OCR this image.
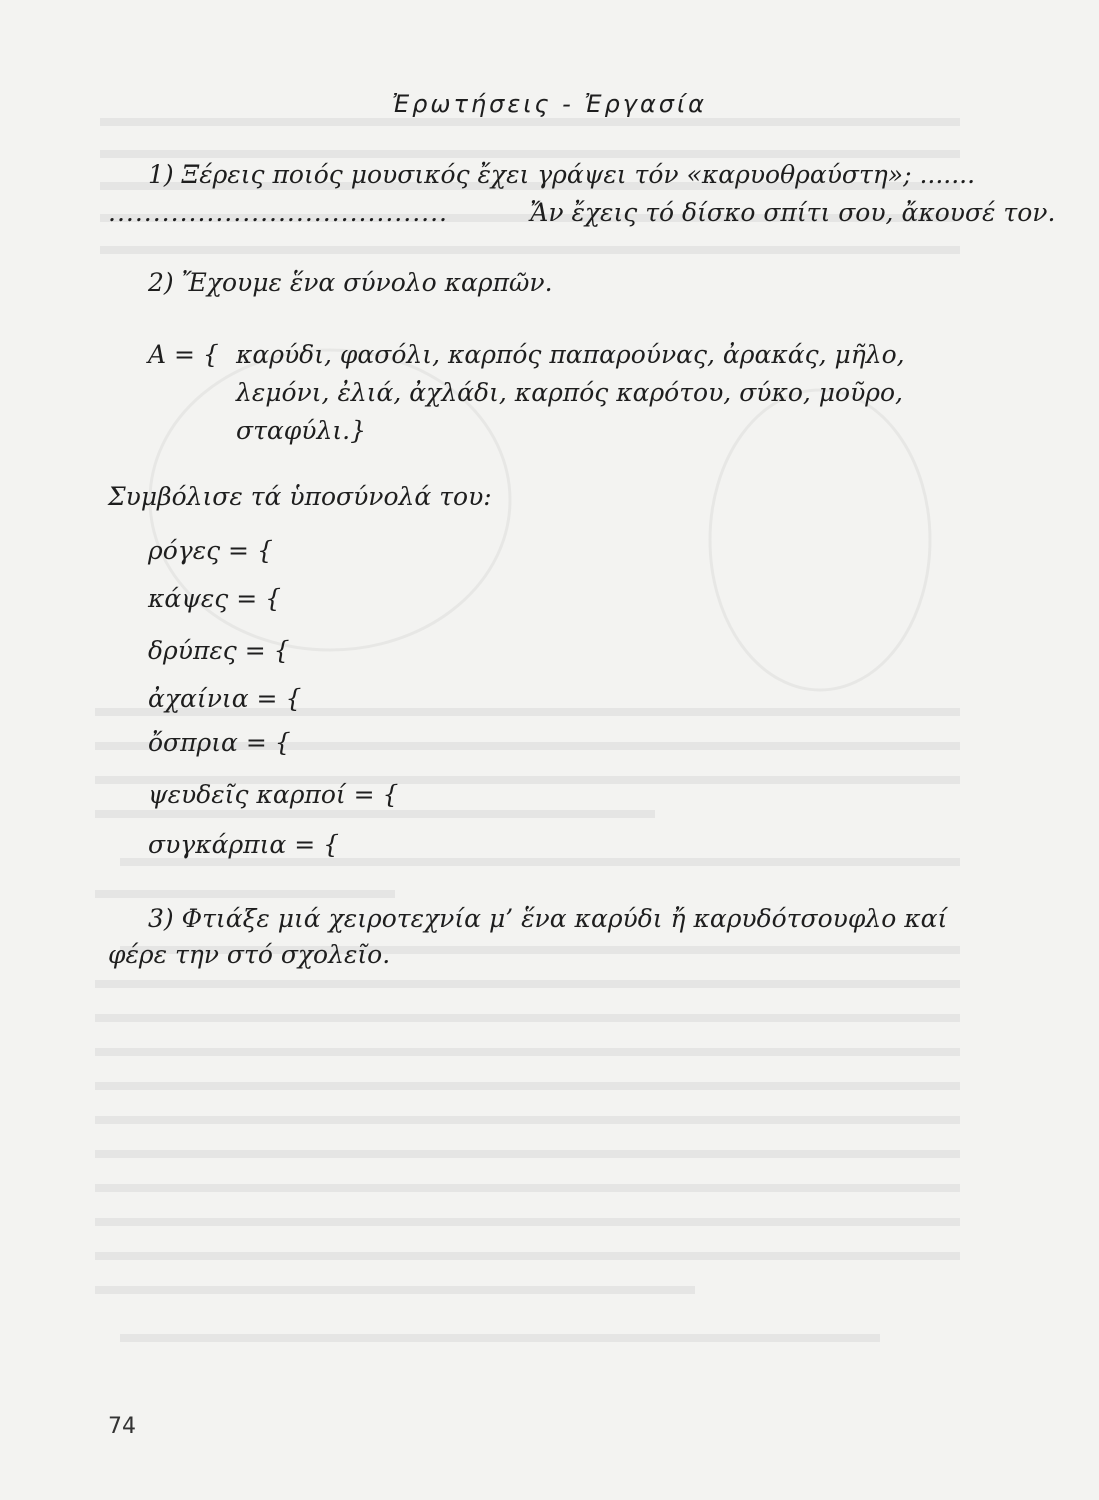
Ἐρωτήσεις - Ἐργασία
1) Ξέρεις ποιός μουσικός ἔχει γράψει τόν «καρυοθραύστη»; .......
......................................	Ἄν ἔχεις τό δίσκο σπίτι σου, ἄκουσέ τον.
2) Ἔχουμε ἕνα σύνολο καρπῶν.
A = { καρύδι, φασόλι, καρπός παπαρούνας, ἀρακάς, μῆλο,
λεμόνι, ἐλιά, ἀχλάδι, καρπός καρότου, σύκο, μοῦρο,
σταφύλι.}
Συμβόλισε τά ὑποσύνολά του:
ρόγες = {
κάψες = {
δρύπες = {
ἀχαίνια = {
ὄσπρια = {
ψευδεῖς καρποί = {
συγκάρπια = {
3) Φτιάξε μιά χειροτεχνία μ’ ἕνα καρύδι ἤ καρυδότσουφλο καί
φέρε την στό σχολεῖο.
74
